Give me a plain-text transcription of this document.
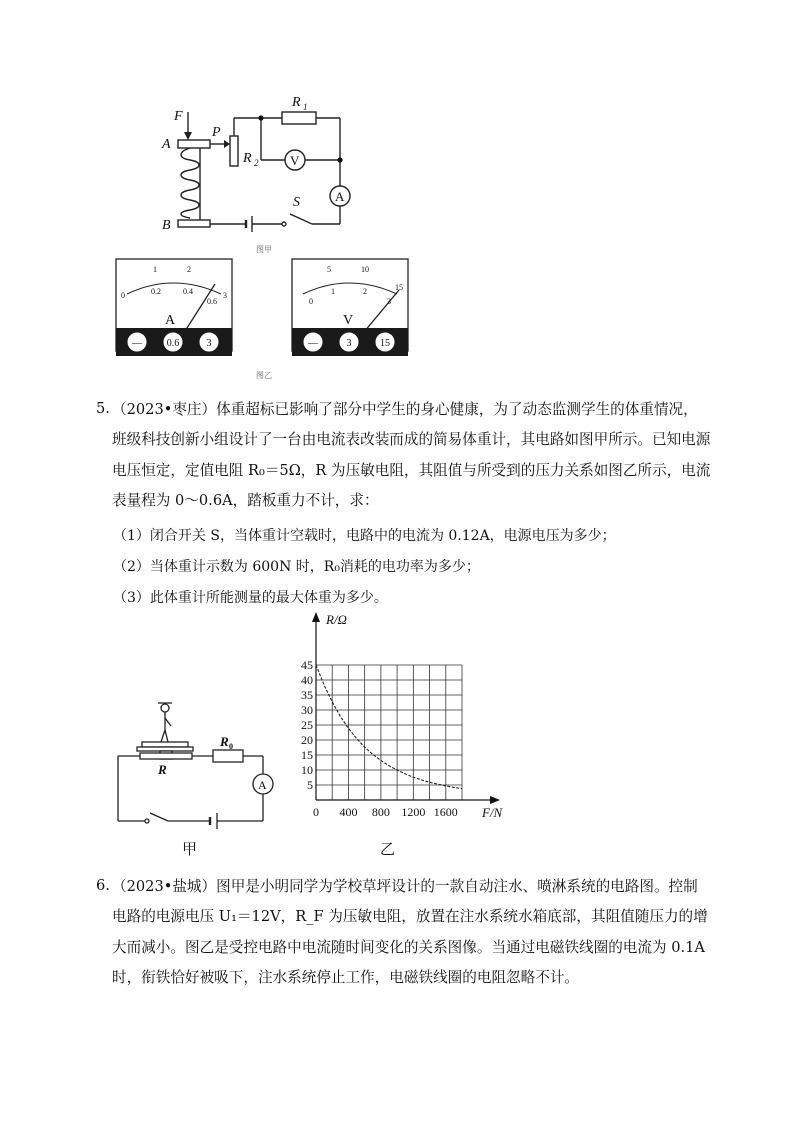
F
A
B
P
R
R
S
1
2 V
A
图甲
0
1	2
3
0.2	0.4
0.6
A
— 0.6	3
5	10
15
0
1	2
3
V
—	3	15
图乙
5. （2023•枣庄）体重超标已影响了部分中学生的身心健康，为了动态监测学生的体重情况，班级科技创新小组设计了一台由电流表改装而成的简易体重计，其电路如图甲所示。已知电源电压恒定，定值电阻 R₀＝5Ω，R 为压敏电阻，其阻值与所受到的压力关系如图乙所示，电流表量程为 0～0.6A，踏板重力不计，求：

（1）闭合开关 S，当体重计空载时，电路中的电流为 0.12A，电源电压为多少；

（2）当体重计示数为 600N 时，R₀消耗的电功率为多少；

（3）此体重计所能测量的最大体重为多少。

R
R 0
A
甲
0 400 800 1200 1600
5
10
15
20
25
30
35
40
45
R/Ω
F/N
乙
6. （2023•盐城）图甲是小明同学为学校草坪设计的一款自动注水、喷淋系统的电路图。控制电路的电源电压 U₁＝12V，R_F 为压敏电阻，放置在注水系统水箱底部，其阻值随压力的增大而减小。图乙是受控电路中电流随时间变化的关系图像。当通过电磁铁线圈的电流为 0.1A 时，衔铁恰好被吸下，注水系统停止工作，电磁铁线圈的电阻忽略不计。
